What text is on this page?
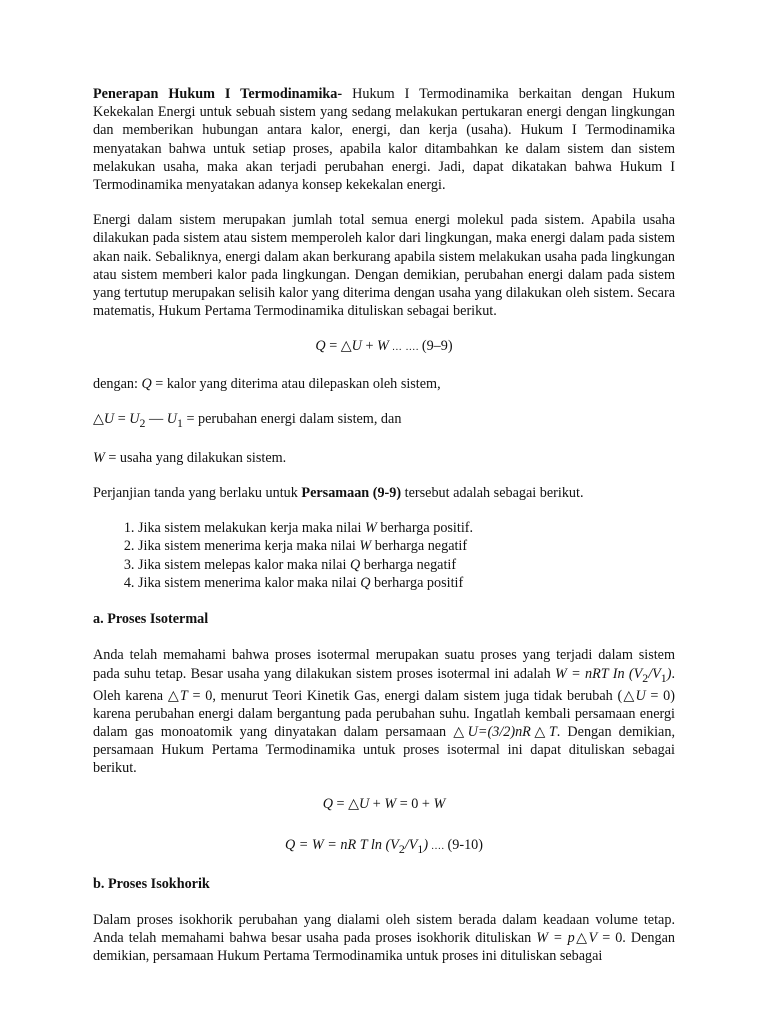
Penerapan Hukum I Termodinamika- Hukum I Termodinamika berkaitan dengan Hukum Kekekalan Energi untuk sebuah sistem yang sedang melakukan pertukaran energi dengan lingkungan dan memberikan hubungan antara kalor, energi, dan kerja (usaha). Hukum I Termodinamika menyatakan bahwa untuk setiap proses, apabila kalor ditambahkan ke dalam sistem dan sistem melakukan usaha, maka akan terjadi perubahan energi. Jadi, dapat dikatakan bahwa Hukum I Termodinamika menyatakan adanya konsep kekekalan energi.

Energi dalam sistem merupakan jumlah total semua energi molekul pada sistem. Apabila usaha dilakukan pada sistem atau sistem memperoleh kalor dari lingkungan, maka energi dalam pada sistem akan naik. Sebaliknya, energi dalam akan berkurang apabila sistem melakukan usaha pada lingkungan atau sistem memberi kalor pada lingkungan. Dengan demikian, perubahan energi dalam pada sistem yang tertutup merupakan selisih kalor yang diterima dengan usaha yang dilakukan oleh sistem. Secara matematis, Hukum Pertama Termodinamika dituliskan sebagai berikut.

Q = △U + W … …. (9–9)

dengan: Q = kalor yang diterima atau dilepaskan oleh sistem,

△U = $U_2$ — $U_1$ = perubahan energi dalam sistem, dan

W = usaha yang dilakukan sistem.

Perjanjian tanda yang berlaku untuk Persamaan (9-9) tersebut adalah sebagai berikut.

1. Jika sistem melakukan kerja maka nilai W berharga positif.
2. Jika sistem menerima kerja maka nilai W berharga negatif
3. Jika sistem melepas kalor maka nilai Q berharga negatif
4. Jika sistem menerima kalor maka nilai Q berharga positif

a. Proses Isotermal

Anda telah memahami bahwa proses isotermal merupakan suatu proses yang terjadi dalam sistem pada suhu tetap. Besar usaha yang dilakukan sistem proses isotermal ini adalah W = nRT In $(V_2/V_1)$. Oleh karena △T = 0, menurut Teori Kinetik Gas, energi dalam sistem juga tidak berubah (△U = 0) karena perubahan energi dalam bergantung pada perubahan suhu. Ingatlah kembali persamaan energi dalam gas monoatomik yang dinyatakan dalam persamaan △U=(3/2)nR△T. Dengan demikian, persamaan Hukum Pertama Termodinamika untuk proses isotermal ini dapat dituliskan sebagai berikut.

Q = △U + W = 0 + W
Q = W = nR T $\ln (V_2/V_1)$ …. (9-10)

b. Proses Isokhorik

Dalam proses isokhorik perubahan yang dialami oleh sistem berada dalam keadaan volume tetap. Anda telah memahami bahwa besar usaha pada proses isokhorik dituliskan W = p△V = 0. Dengan demikian, persamaan Hukum Pertama Termodinamika untuk proses ini dituliskan sebagai
